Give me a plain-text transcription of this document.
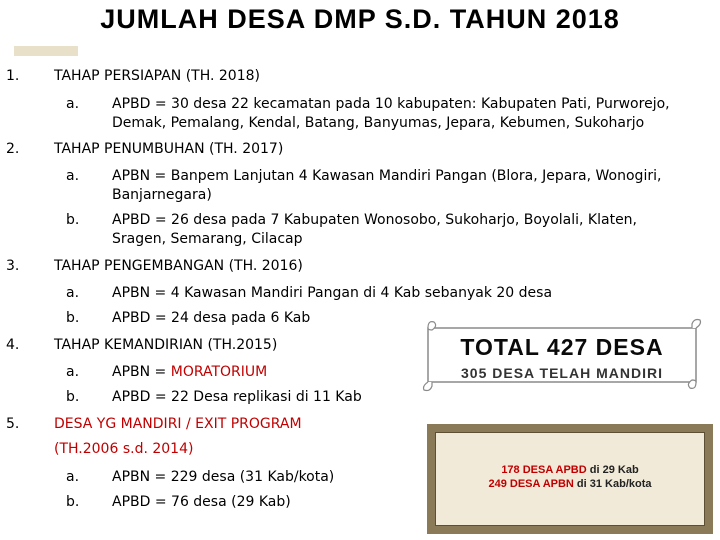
JUMLAH DESA DMP S.D. TAHUN 2018
1. TAHAP PERSIAPAN (TH. 2018)
a. APBD = 30 desa 22 kecamatan pada 10 kabupaten: Kabupaten Pati, Purworejo,
Demak, Pemalang, Kendal, Batang, Banyumas, Jepara, Kebumen, Sukoharjo
2. TAHAP PENUMBUHAN (TH. 2017)
a. APBN = Banpem Lanjutan 4 Kawasan Mandiri Pangan (Blora, Jepara, Wonogiri,
Banjarnegara)
b. APBD = 26 desa pada 7 Kabupaten Wonosobo, Sukoharjo, Boyolali, Klaten,
Sragen, Semarang, Cilacap
3. TAHAP PENGEMBANGAN (TH. 2016)
a. APBN = 4 Kawasan Mandiri Pangan di 4 Kab sebanyak 20 desa
b. APBD = 24 desa pada 6 Kab
4. TAHAP KEMANDIRIAN (TH.2015)
a. APBN = MORATORIUM
b. APBD = 22 Desa replikasi di 11 Kab
5. DESA YG MANDIRI / EXIT PROGRAM
(TH.2006 s.d. 2014)
a. APBN = 229 desa (31 Kab/kota)
b. APBD = 76 desa (29 Kab)
TOTAL 427 DESA
305 DESA TELAH MANDIRI
178 DESA APBD di 29 Kab
249 DESA APBN di 31 Kab/kota
